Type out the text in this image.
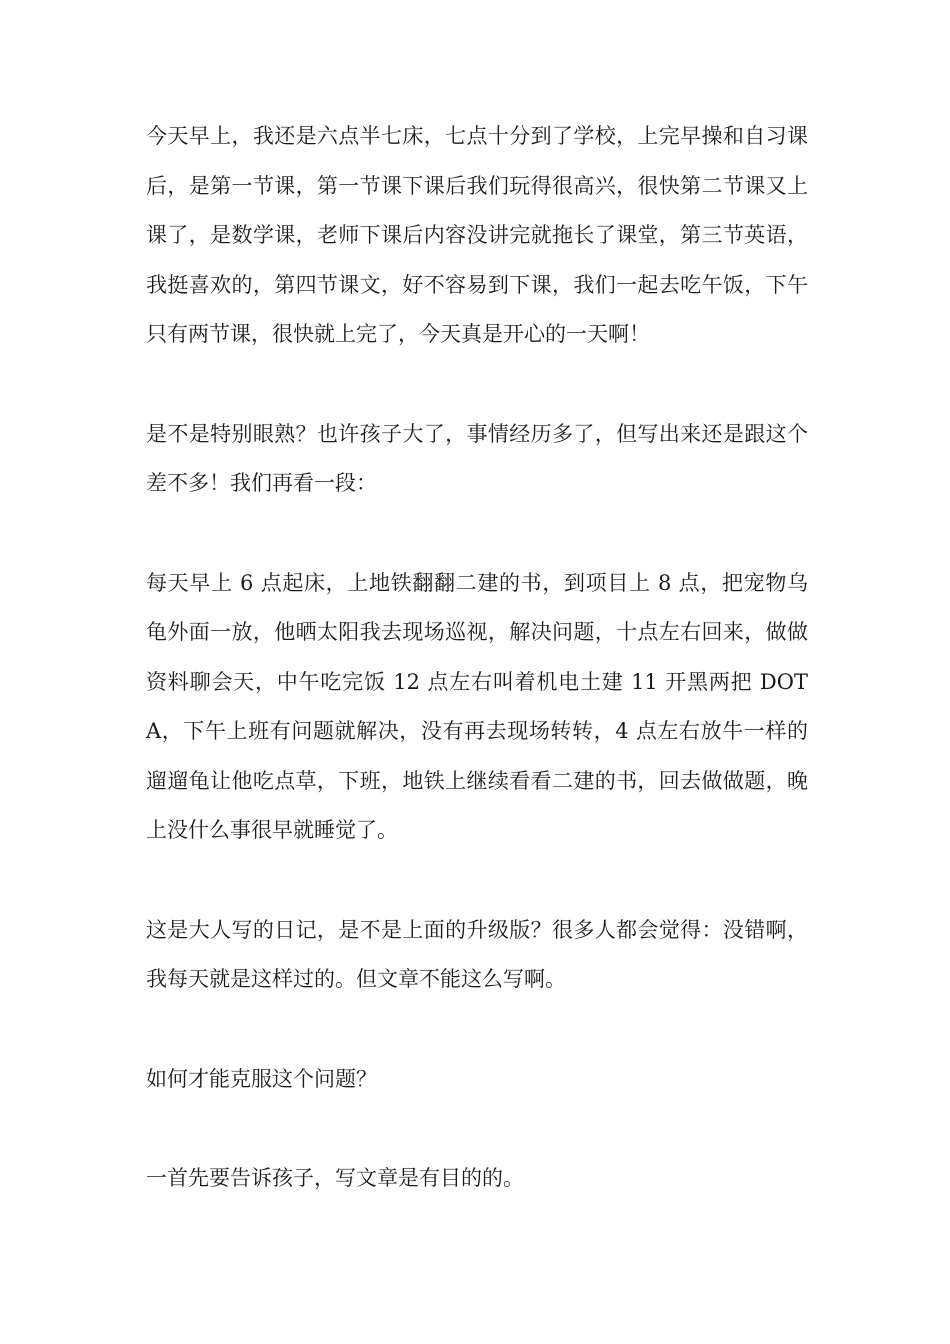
今天早上，我还是六点半七床，七点十分到了学校，上完早操和自习课后，是第一节课，第一节课下课后我们玩得很高兴，很快第二节课又上课了，是数学课，老师下课后内容没讲完就拖长了课堂，第三节英语，我挺喜欢的，第四节课文，好不容易到下课，我们一起去吃午饭，下午只有两节课，很快就上完了，今天真是开心的一天啊！

是不是特别眼熟？也许孩子大了，事情经历多了，但写出来还是跟这个差不多！我们再看一段：

每天早上 6 点起床，上地铁翻翻二建的书，到项目上 8 点，把宠物乌龟外面一放，他晒太阳我去现场巡视，解决问题，十点左右回来，做做资料聊会天，中午吃完饭 12 点左右叫着机电土建 11 开黑两把 DOTA，下午上班有问题就解决，没有再去现场转转，4 点左右放牛一样的遛遛龟让他吃点草，下班，地铁上继续看看二建的书，回去做做题，晚上没什么事很早就睡觉了。

这是大人写的日记，是不是上面的升级版？很多人都会觉得：没错啊，我每天就是这样过的。但文章不能这么写啊。

如何才能克服这个问题？

一首先要告诉孩子，写文章是有目的的。
